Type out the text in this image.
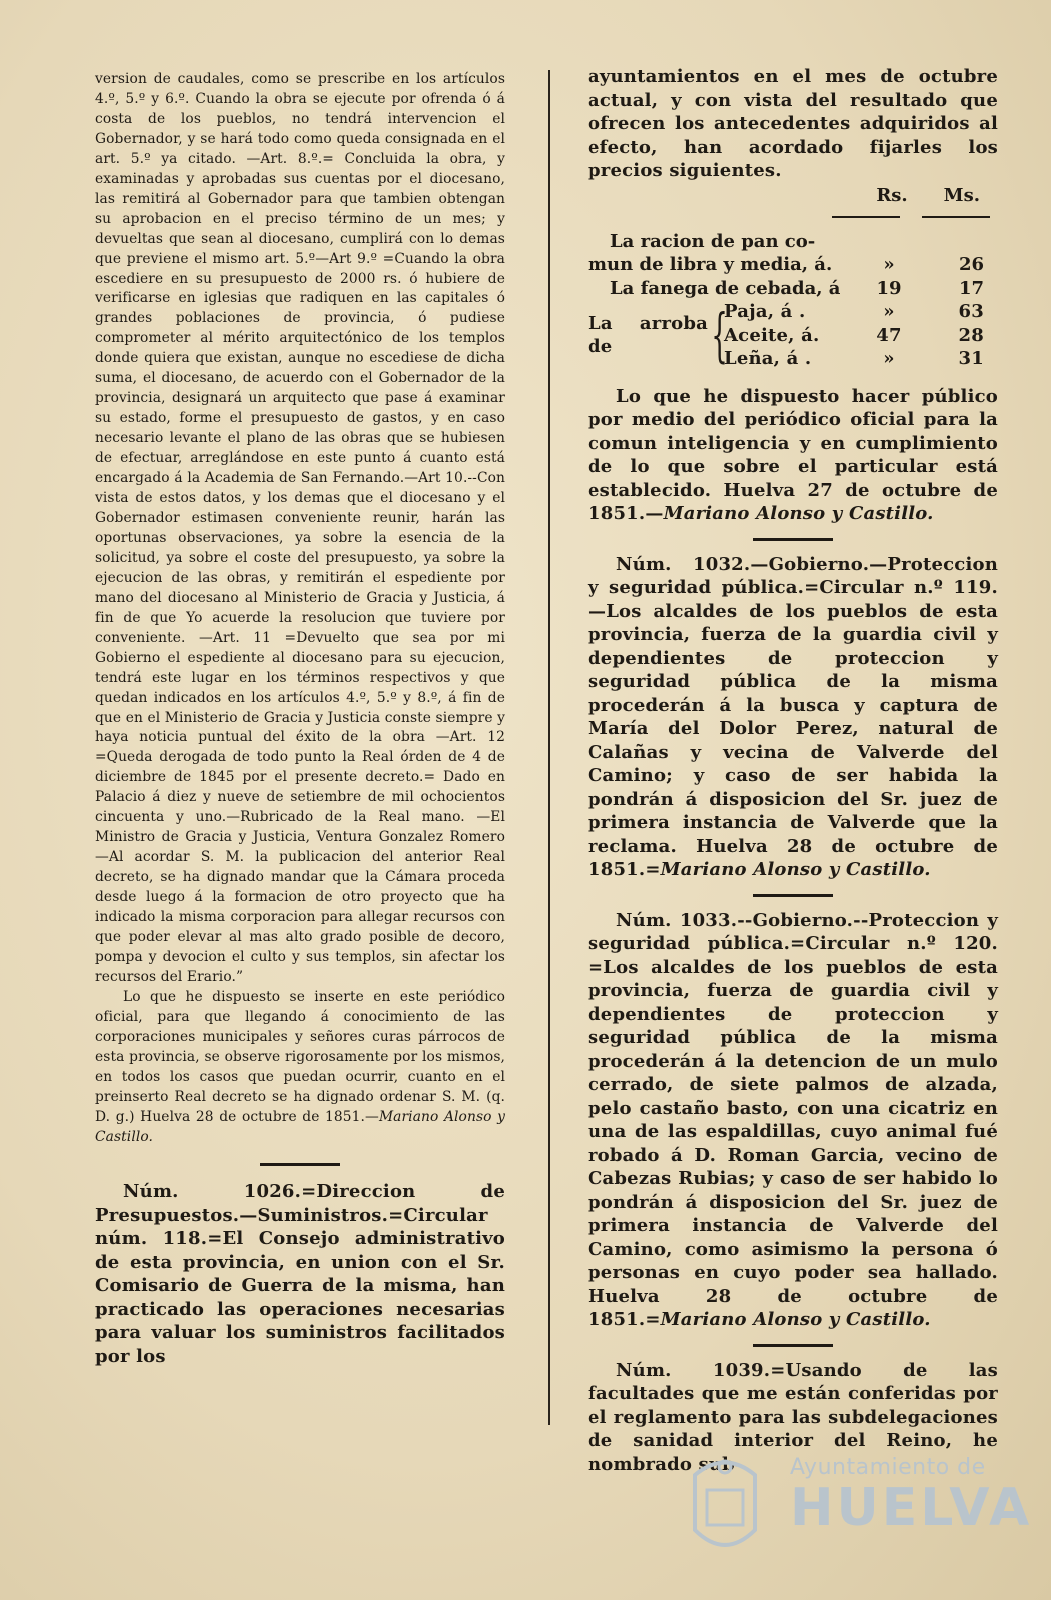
version de caudales, como se prescribe en los artículos 4.º, 5.º y 6.º. Cuando la obra se ejecute por ofrenda ó á costa de los pueblos, no tendrá intervencion el Gobernador, y se hará todo como queda consignada en el art. 5.º ya citado. —Art. 8.º.= Concluida la obra, y examinadas y aprobadas sus cuentas por el diocesano, las remitirá al Gobernador para que tambien obtengan su aprobacion en el preciso término de un mes; y devueltas que sean al diocesano, cumplirá con lo demas que previene el mismo art. 5.º—Art 9.º =Cuando la obra escediere en su presupuesto de 2000 rs. ó hubiere de verificarse en iglesias que radiquen en las capitales ó grandes poblaciones de provincia, ó pudiese comprometer al mérito arquitectónico de los templos donde quiera que existan, aunque no escediese de dicha suma, el diocesano, de acuerdo con el Gobernador de la provincia, designará un arquitecto que pase á examinar su estado, forme el presupuesto de gastos, y en caso necesario levante el plano de las obras que se hubiesen de efectuar, arreglándose en este punto á cuanto está encargado á la Academia de San Fernando.—Art 10.--Con vista de estos datos, y los demas que el diocesano y el Gobernador estimasen conveniente reunir, harán las oportunas observaciones, ya sobre la esencia de la solicitud, ya sobre el coste del presupuesto, ya sobre la ejecucion de las obras, y remitirán el espediente por mano del diocesano al Ministerio de Gracia y Justicia, á fin de que Yo acuerde la resolucion que tuviere por conveniente. —Art. 11 =Devuelto que sea por mi Gobierno el espediente al diocesano para su ejecucion, tendrá este lugar en los términos respectivos y que quedan indicados en los artículos 4.º, 5.º y 8.º, á fin de que en el Ministerio de Gracia y Justicia conste siempre y haya noticia puntual del éxito de la obra —Art. 12 =Queda derogada de todo punto la Real órden de 4 de diciembre de 1845 por el presente decreto.= Dado en Palacio á diez y nueve de setiembre de mil ochocientos cincuenta y uno.—Rubricado de la Real mano. —El Ministro de Gracia y Justicia, Ventura Gonzalez Romero —Al acordar S. M. la publicacion del anterior Real decreto, se ha dignado mandar que la Cámara proceda desde luego á la formacion de otro proyecto que ha indicado la misma corporacion para allegar recursos con que poder elevar al mas alto grado posible de decoro, pompa y devocion el culto y sus templos, sin afectar los recursos del Erario.”

Lo que he dispuesto se inserte en este periódico oficial, para que llegando á conocimiento de las corporaciones municipales y señores curas párrocos de esta provincia, se observe rigorosamente por los mismos, en todos los casos que puedan ocurrir, cuanto en el preinserto Real decreto se ha dignado ordenar S. M. (q. D. g.) Huelva 28 de octubre de 1851.—Mariano Alonso y Castillo.

Núm. 1026.=Direccion de Presupuestos.—Suministros.=Circular núm. 118.=El Consejo administrativo de esta provincia, en union con el Sr. Comisario de Guerra de la misma, han practicado las operaciones necesarias para valuar los suministros facilitados por los

ayuntamientos en el mes de octubre actual, y con vista del resultado que ofrecen los antecedentes adquiridos al efecto, han acordado fijarles los precios siguientes.

Rs. Ms.
La racion de pan co-		
mun de libra y media, á.	»	26
La fanega de cebada, á	19	17
La arroba de	{
Paja, á .	»	63
Aceite, á.	47	28
Leña, á .	»	31

Lo que he dispuesto hacer público por medio del periódico oficial para la comun inteligencia y en cumplimiento de lo que sobre el particular está establecido. Huelva 27 de octubre de 1851.—Mariano Alonso y Castillo.

Núm. 1032.—Gobierno.—Proteccion y seguridad pública.=Circular n.º 119. —Los alcaldes de los pueblos de esta provincia, fuerza de la guardia civil y dependientes de proteccion y seguridad pública de la misma procederán á la busca y captura de María del Dolor Perez, natural de Calañas y vecina de Valverde del Camino; y caso de ser habida la pondrán á disposicion del Sr. juez de primera instancia de Valverde que la reclama. Huelva 28 de octubre de 1851.=Mariano Alonso y Castillo.

Núm. 1033.--Gobierno.--Proteccion y seguridad pública.=Circular n.º 120. =Los alcaldes de los pueblos de esta provincia, fuerza de guardia civil y dependientes de proteccion y seguridad pública de la misma procederán á la detencion de un mulo cerrado, de siete palmos de alzada, pelo castaño basto, con una cicatriz en una de las espaldillas, cuyo animal fué robado á D. Roman Garcia, vecino de Cabezas Rubias; y caso de ser habido lo pondrán á disposicion del Sr. juez de primera instancia de Valverde del Camino, como asimismo la persona ó personas en cuyo poder sea hallado. Huelva 28 de octubre de 1851.=Mariano Alonso y Castillo.

Núm. 1039.=Usando de las facultades que me están conferidas por el reglamento para las subdelegaciones de sanidad interior del Reino, he nombrado sub-	Ayuntamiento de
HUELVA
